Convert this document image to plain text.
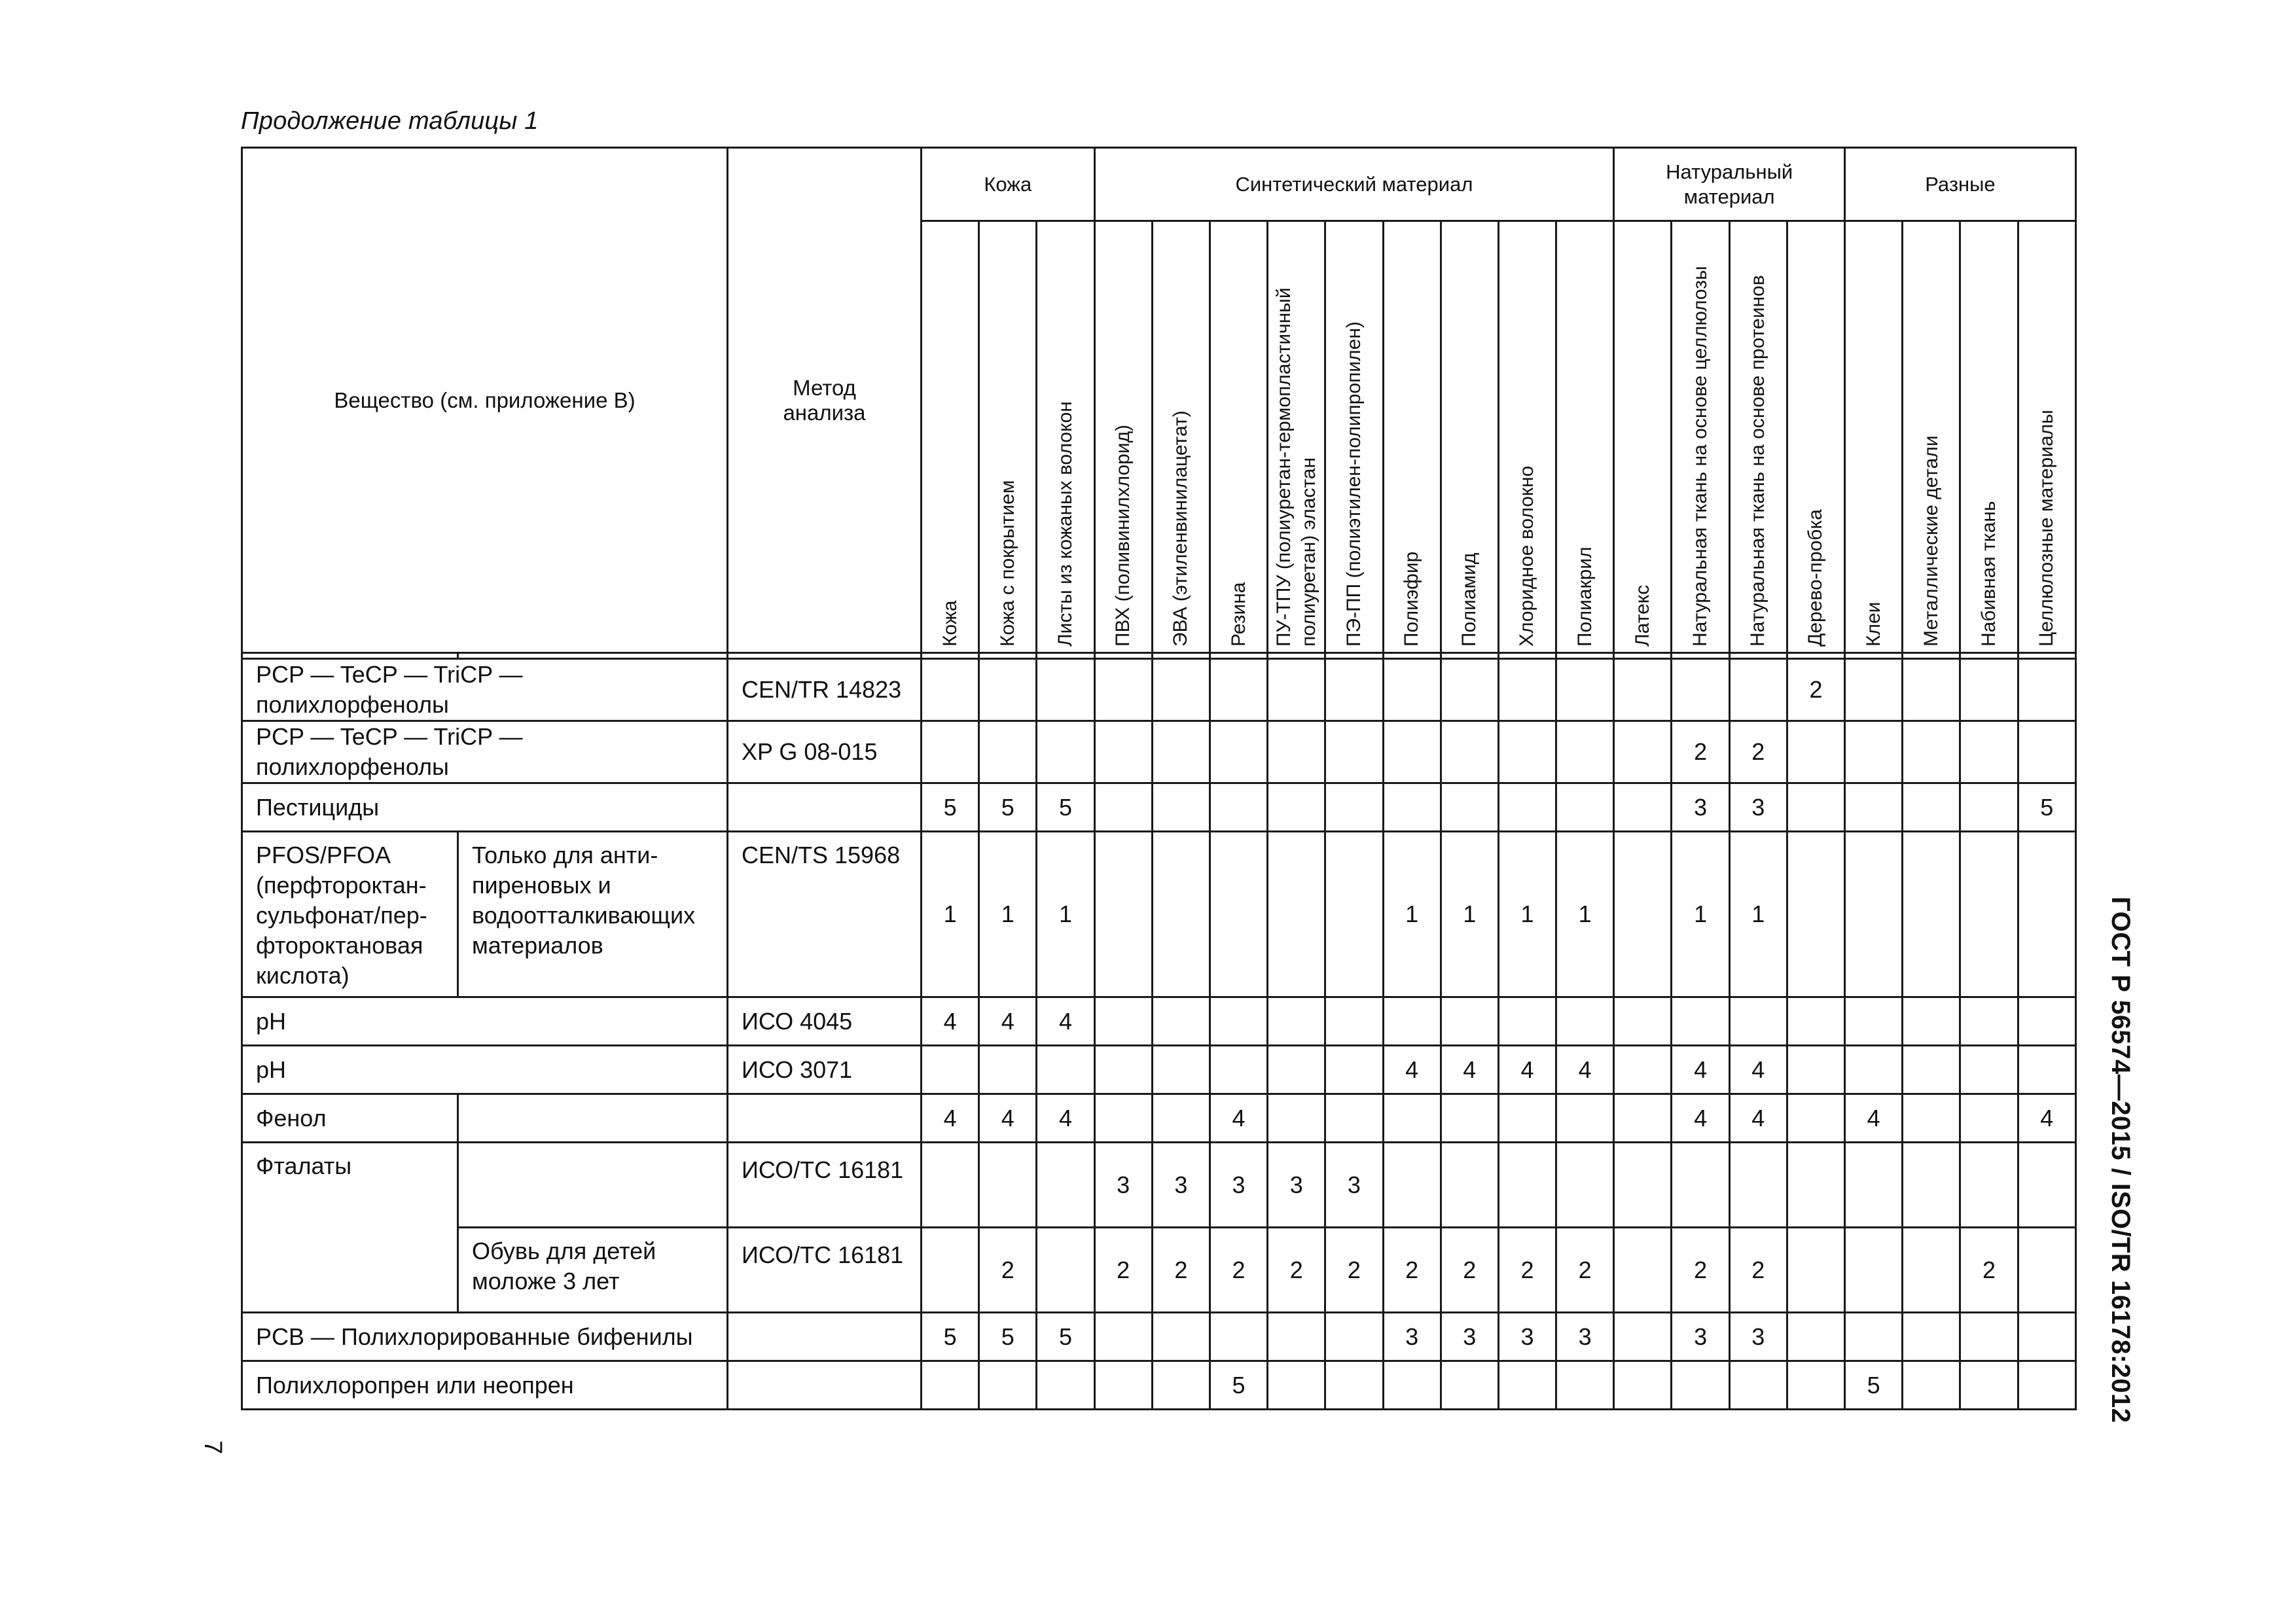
Продолжение таблицы 1
Вещество (см. приложение В)		Метод анализа	Кожа			Синтетический материал									Натуральный материал				Разные			

			Кожа	Кожа с покрытием	Листы из кожаных волокон	ПВХ (поливинилхлорид)	ЭВА (этиленвинилацетат)	Резина	ПУ-ТПУ (полиуретан-термопластичный полиуретан) эластан	ПЭ-ПП (полиэтилен-полипропилен)	Полиэфир	Полиамид	Хлоридное волокно	Полиакрил	Латекс	Натуральная ткань на основе целлюлозы	Натуральная ткань на основе протеинов	Дерево-пробка	Клеи	Металлические детали	Набивная ткань	Целлюлозные материалы

PCP — TeCP — TriCP — полихлорфенолы		CEN/TR 14823																2				
PCP — TeCP — TriCP — полихлорфенолы		XP G 08-015														2	2					
Пестициды			5	5	5											3	3					5
PFOS/PFOA (перфтороктан-сульфонат/пер-фтороктановая кислота)	Только для анти-пиреновых и водоотталкивающих материалов	CEN/TS 15968	1	1	1						1	1	1	1		1	1					
pH		ИСО 4045	4	4	4																	
pH		ИСО 3071									4	4	4	4		4	4					
Фенол			4	4	4			4								4	4		4			4
Фталаты		ИСО/ТС 16181				3	3	3	3	3												
	Обувь для детей моложе 3 лет	ИСО/ТС 16181		2		2	2	2	2	2	2	2	2	2		2	2				2	
PCB — Полихлорированные бифенилы			5	5	5						3	3	3	3		3	3					
Полихлоропрен или неопрен								5											5				ГОСТ Р 56574—2015 / ISO/TR 16178:2012
7
